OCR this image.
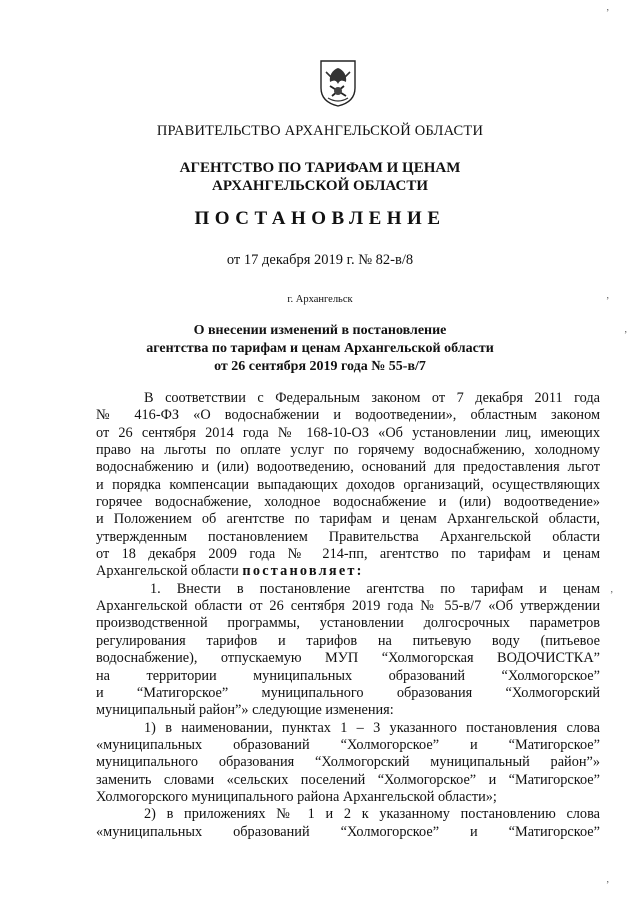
ПРАВИТЕЛЬСТВО АРХАНГЕЛЬСКОЙ ОБЛАСТИ
АГЕНТСТВО ПО ТАРИФАМ И ЦЕНАМ
АРХАНГЕЛЬСКОЙ ОБЛАСТИ
ПОСТАНОВЛЕНИЕ
от 17 декабря 2019 г. № 82-в/8
г. Архангельск
О внесении изменений в постановление
агентства по тарифам и ценам Архангельской области
от 26 сентября 2019 года № 55-в/7
В соответствии с Федеральным законом от 7 декабря 2011 года
№ 416-ФЗ «О водоснабжении и водоотведении», областным законом
от 26 сентября 2014 года № 168-10-ОЗ «Об установлении лиц, имеющих
право на льготы по оплате услуг по горячему водоснабжению, холодному
водоснабжению и (или) водоотведению, оснований для предоставления льгот
и порядка компенсации выпадающих доходов организаций, осуществляющих
горячее водоснабжение, холодное водоснабжение и (или) водоотведение»
и Положением об агентстве по тарифам и ценам Архангельской области,
утвержденным постановлением Правительства Архангельской области
от 18 декабря 2009 года № 214-пп, агентство по тарифам и ценам
Архангельской области постановляет:
1. Внести в постановление агентства по тарифам и ценам
Архангельской области от 26 сентября 2019 года № 55-в/7 «Об утверждении
производственной программы, установлении долгосрочных параметров
регулирования тарифов и тарифов на питьевую воду (питьевое
водоснабжение), отпускаемую МУП “Холмогорская ВОДОЧИСТКА”
на территории муниципальных образований “Холмогорское”
и “Матигорское” муниципального образования “Холмогорский
муниципальный район”» следующие изменения:
1) в наименовании, пунктах 1 – 3 указанного постановления слова
«муниципальных образований “Холмогорское” и “Матигорское”
муниципального образования “Холмогорский муниципальный район”»
заменить словами «сельских поселений “Холмогорское” и “Матигорское”
Холмогорского муниципального района Архангельской области»;
2) в приложениях № 1 и 2 к указанному постановлению слова
«муниципальных образований “Холмогорское” и “Матигорское”
’
’
’
’
’
